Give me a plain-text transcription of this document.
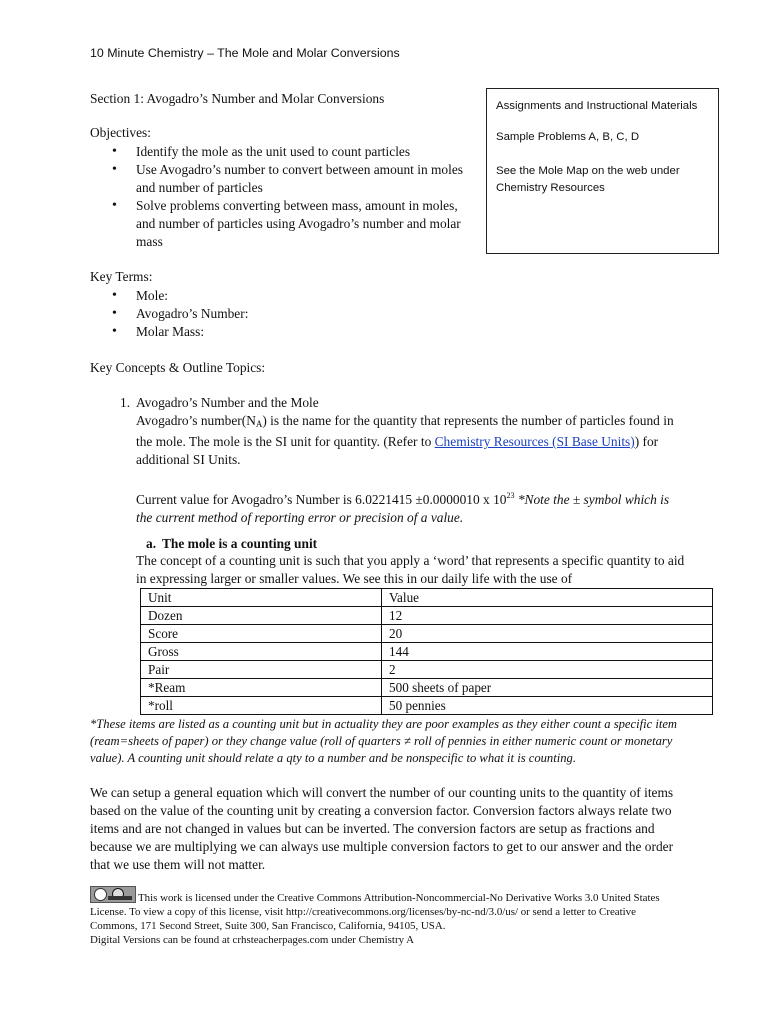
10 Minute Chemistry – The Mole and Molar Conversions
Section 1: Avogadro’s Number and Molar Conversions	Assignments and Instructional Materials

Sample Problems A, B, C, D

See the Mole Map on the web under Chemistry Resources

Objectives:
• Identify the mole as the unit used to count particles
• Use Avogadro’s number to convert between amount in moles and number of particles
• Solve problems converting between mass, amount in moles, and number of particles using Avogadro’s number and molar mass
Key Terms:
• Mole:
• Avogadro’s Number:
• Molar Mass:
Key Concepts & Outline Topics:
1. Avogadro’s Number and the Mole

Avogadro’s $number(N_A)$ is the name for the quantity that represents the number of particles found in the mole. The mole is the SI unit for quantity. (Refer to Chemistry Resources (SI Base Units)) for additional SI Units.

Current value for Avogadro’s Number is 6.0221415 ±0.0000010 x $10^{23}$ *Note the ± symbol which is the current method of reporting error or precision of a value.

a. The mole is a counting unit
The concept of a counting unit is such that you apply a ‘word’ that represents a specific quantity to aid in expressing larger or smaller values. We see this in our daily life with the use of
Unit	Value
Dozen	12
Score	20
Gross	144
Pair	2
*Ream	500 sheets of paper
*roll	50 pennies
*These items are listed as a counting unit but in actuality they are poor examples as they either count a specific item (ream=sheets of paper) or they change value (roll of quarters ≠ roll of pennies in either numeric count or monetary value). A counting unit should relate a qty to a number and be nonspecific to what it is counting.
We can setup a general equation which will convert the number of our counting units to the quantity of items based on the value of the counting unit by creating a conversion factor. Conversion factors always relate two items and are not changed in values but can be inverted. The conversion factors are setup as fractions and because we are multiplying we can always use multiple conversion factors to get to our answer and the order that we use them will not matter.
This work is licensed under the Creative Commons Attribution-Noncommercial-No Derivative Works 3.0 United States License. To view a copy of this license, visit http://creativecommons.org/licenses/by-nc-nd/3.0/us/ or send a letter to Creative Commons, 171 Second Street, Suite 300, San Francisco, California, 94105, USA.
Digital Versions can be found at crhsteacherpages.com under Chemistry A
